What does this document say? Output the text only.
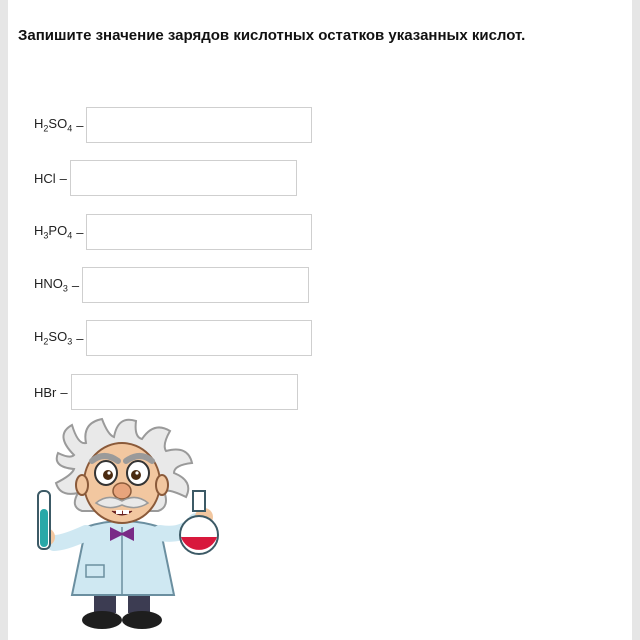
Запишите значение зарядов кислотных остатков указанных кислот.
$H_2SO_4$ –
HCl –
$H_3PO_4$ –
$HNO_3$ –
$H_2SO_3$ –
HBr –
